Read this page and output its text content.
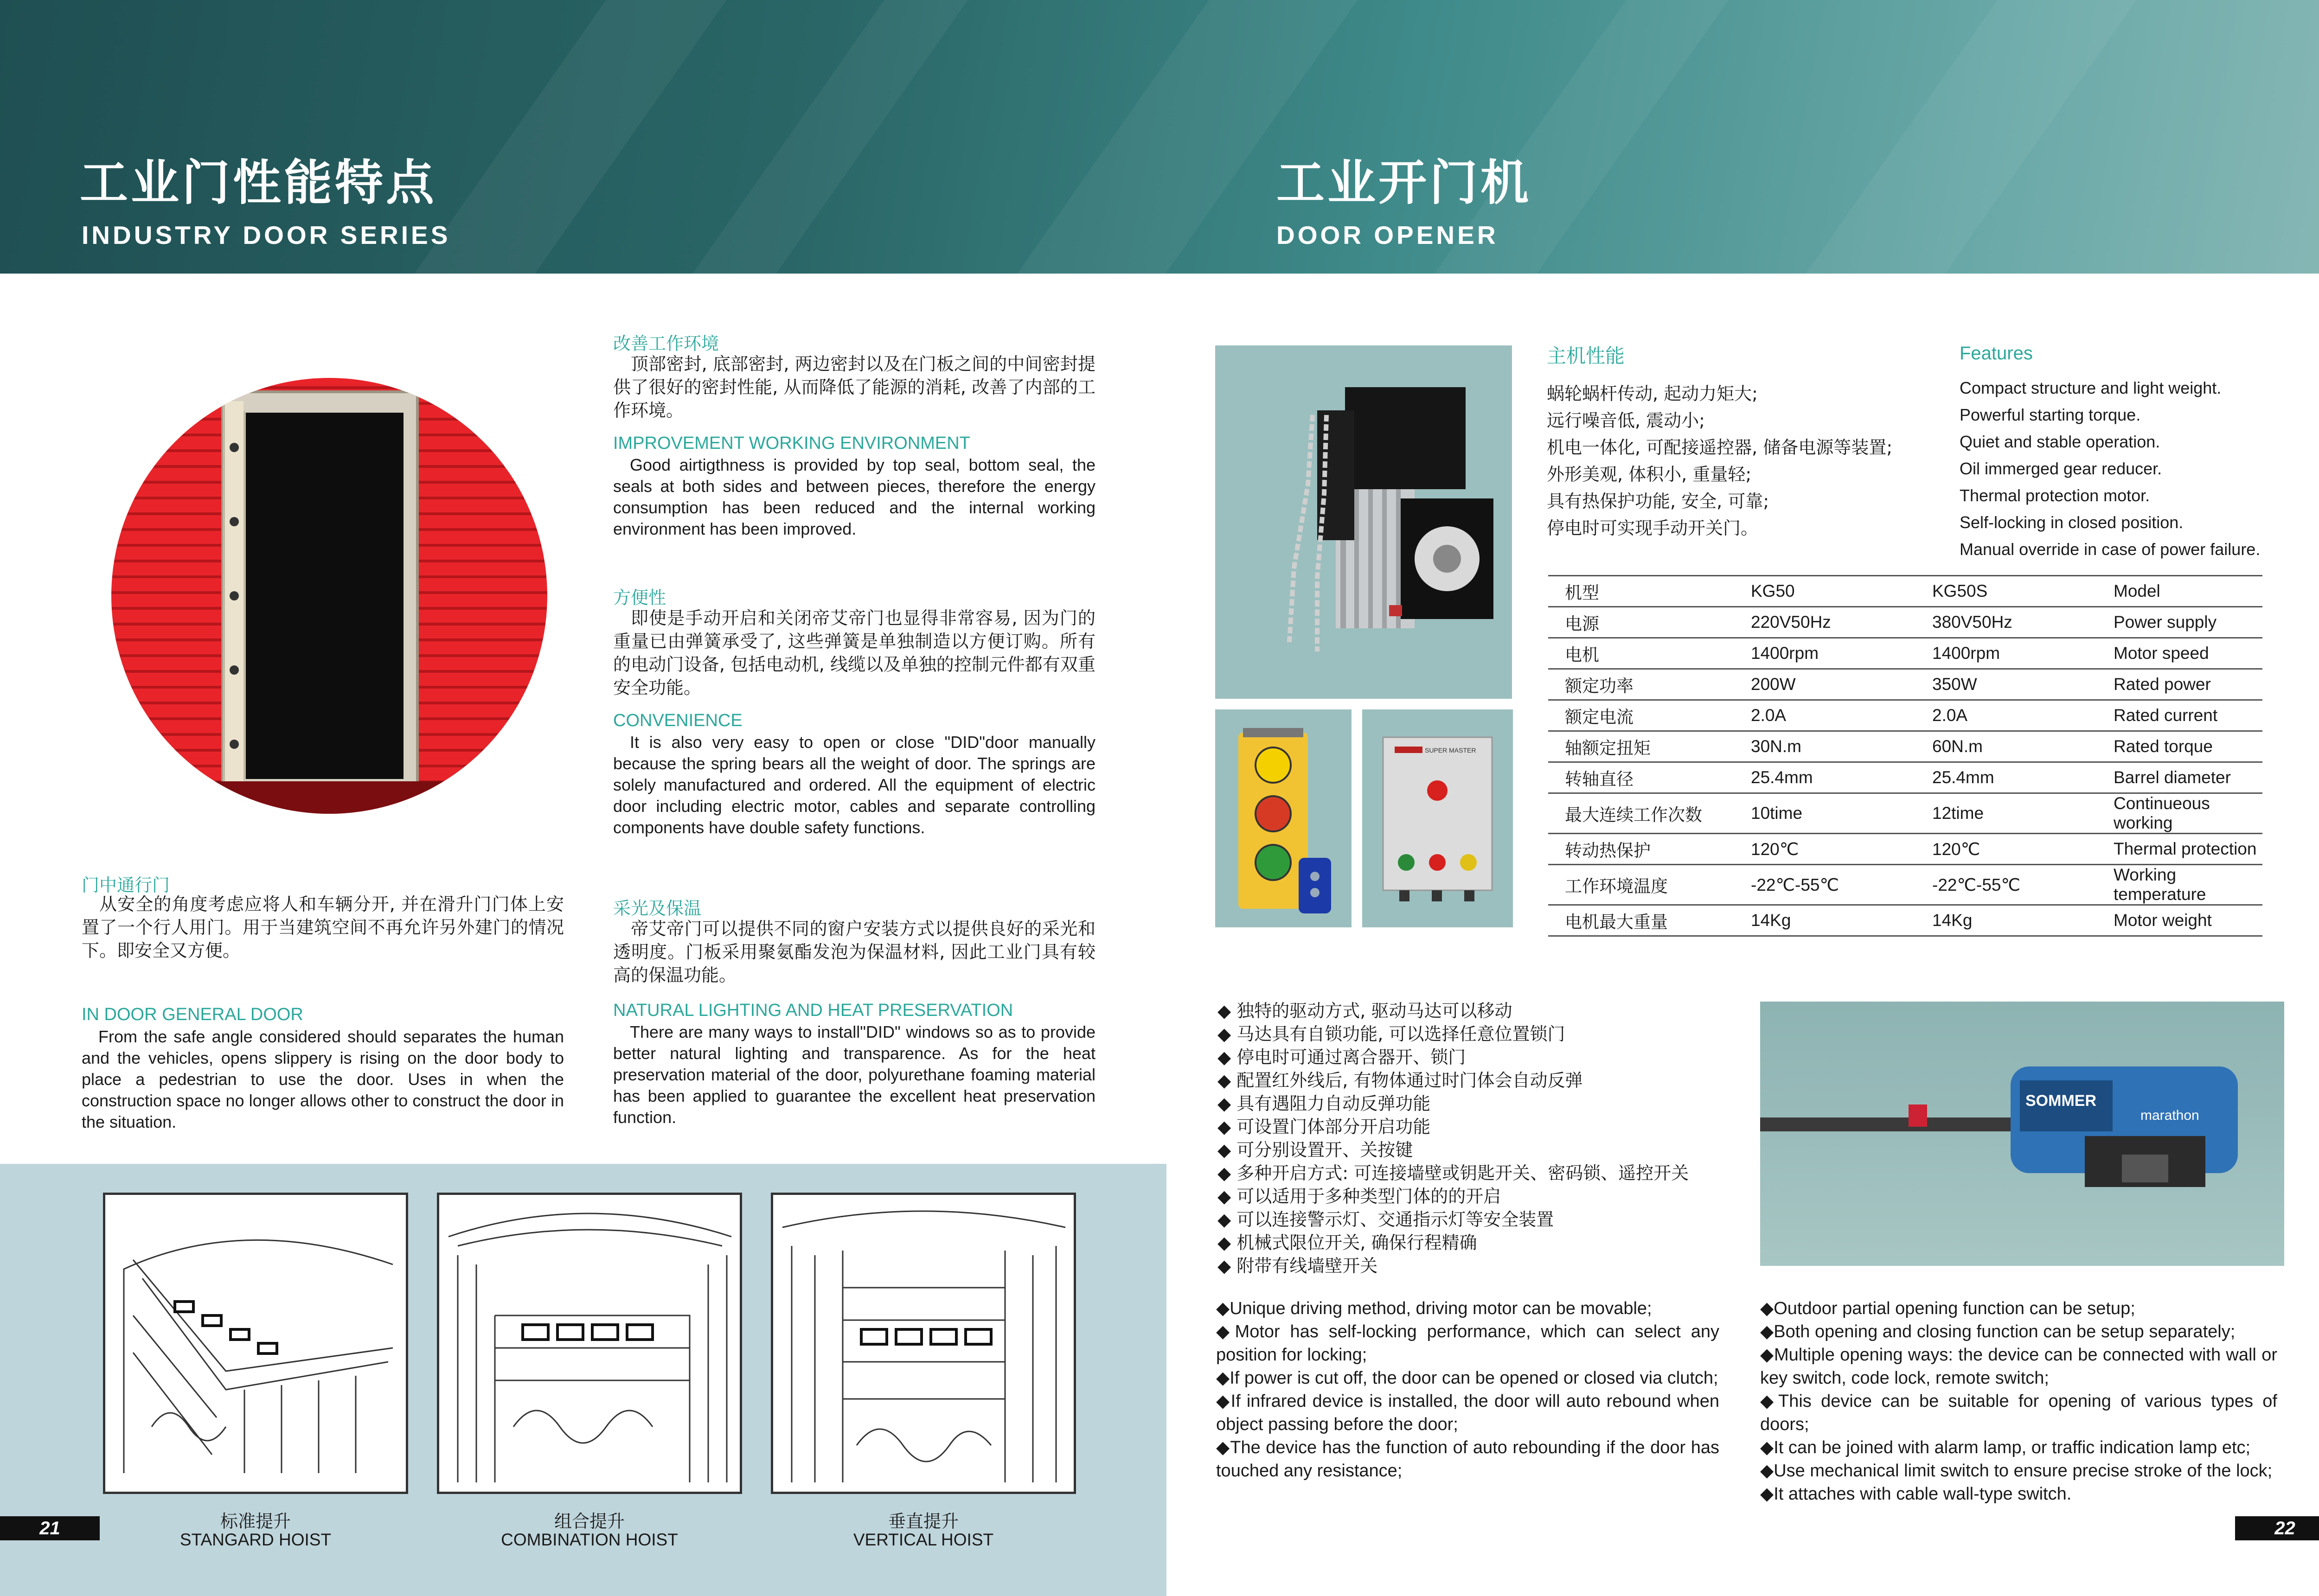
工业门性能特点
INDUSTRY DOOR SERIES
工业开门机
DOOR OPENER
门中通行门
从安全的角度考虑应将人和车辆分开, 并在滑升门门体上安置了一个行人用门。用于当建筑空间不再允许另外建门的情况下。即安全又方便。
IN DOOR GENERAL DOOR
From the safe angle considered should separates the human and the vehicles, opens slippery is rising on the door body to place a pedestrian to use the door. Uses in when the construction space no longer allows other to construct the door in the situation.
改善工作环境
顶部密封, 底部密封, 两边密封以及在门板之间的中间密封提供了很好的密封性能, 从而降低了能源的消耗, 改善了内部的工作环境。
IMPROVEMENT WORKING ENVIRONMENT
Good airtigthness is provided by top seal, bottom seal, the seals at both sides and between pieces, therefore the energy consumption has been reduced and the internal working environment has been improved.
方便性
即使是手动开启和关闭帝艾帝门也显得非常容易, 因为门的重量已由弹簧承受了, 这些弹簧是单独制造以方便订购。所有的电动门设备, 包括电动机, 线缆以及单独的控制元件都有双重安全功能。
CONVENIENCE
It is also very easy to open or close "DID"door manually because the spring bears all the weight of door. The springs are solely manufactured and ordered. All the equipment of electric door including electric motor, cables and separate controlling components have double safety functions.
采光及保温
帝艾帝门可以提供不同的窗户安装方式以提供良好的采光和透明度。门板采用聚氨酯发泡为保温材料, 因此工业门具有较高的保温功能。
NATURAL LIGHTING AND HEAT PRESERVATION
There are many ways to install"DID" windows so as to provide better natural lighting and transparence. As for the heat preservation material of the door, polyurethane foaming material has been applied to guarantee the excellent heat preservation function.
标准提升
STANGARD HOIST
组合提升
COMBINATION HOIST
垂直提升
VERTICAL HOIST
21
SUPER MASTER
主机性能
蜗轮蜗杆传动, 起动力矩大;
远行噪音低, 震动小;
机电一体化, 可配接遥控器, 储备电源等装置;
外形美观, 体积小, 重量轻;
具有热保护功能, 安全, 可靠;
停电时可实现手动开关门。
Features
Compact structure and light weight.
Powerful starting torque.
Quiet and stable operation.
Oil immerged gear reducer.
Thermal protection motor.
Self-locking in closed position.
Manual override in case of power failure.
机型	KG50	KG50S	Model
电源	220V50Hz	380V50Hz	Power supply
电机	1400rpm	1400rpm	Motor speed
额定功率	200W	350W	Rated power
额定电流	2.0A	2.0A	Rated current
轴额定扭矩	30N.m	60N.m	Rated torque
转轴直径	25.4mm	25.4mm	Barrel diameter
最大连续工作次数	10time	12time	Continueous working
转动热保护	120℃	120℃	Thermal protection
工作环境温度	-22℃-55℃	-22℃-55℃	Working temperature
电机最大重量	14Kg	14Kg	Motor weight
◆ 独特的驱动方式, 驱动马达可以移动
◆ 马达具有自锁功能, 可以选择任意位置锁门
◆ 停电时可通过离合器开、锁门
◆ 配置红外线后, 有物体通过时门体会自动反弹
◆ 具有遇阻力自动反弹功能
◆ 可设置门体部分开启功能
◆ 可分别设置开、关按键
◆ 多种开启方式: 可连接墙壁或钥匙开关、密码锁、遥控开关
◆ 可以适用于多种类型门体的的开启
◆ 可以连接警示灯、交通指示灯等安全装置
◆ 机械式限位开关, 确保行程精确
◆ 附带有线墙壁开关
SOMMER
marathon
◆Unique driving method, driving motor can be movable;
◆Motor has self-locking performance, which can select any position for locking;
◆If power is cut off, the door can be opened or closed via clutch;
◆If infrared device is installed, the door will auto rebound when object passing before the door;
◆The device has the function of auto rebounding if the door has touched any resistance;
◆Outdoor partial opening function can be setup;
◆Both opening and closing function can be setup separately;
◆Multiple opening ways: the device can be connected with wall or key switch, code lock, remote switch;
◆This device can be suitable for opening of various types of doors;
◆It can be joined with alarm lamp, or traffic indication lamp etc;
◆Use mechanical limit switch to ensure precise stroke of the lock;
◆It attaches with cable wall-type switch.
22
